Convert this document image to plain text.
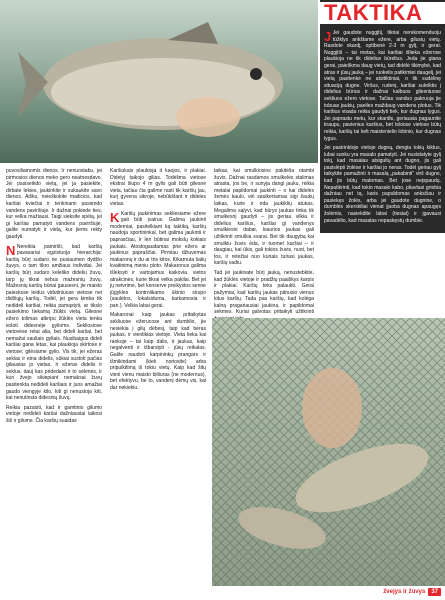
TAKTIKA

puvosiliamomis dienos. Ir nenuostabu, jei pirmosios dienos meko gero neatnesdavo. Jei pasiseikdo vietą, jei ja pasiekite, dirbate lėkies, jaukinkite ir sukaukite savo dienos. Aišku, neieškokite maiticios, kad karšiai kviečiai ir tenkinami pasiendo vandens paviršiuje. Ir dažnai pokiede ties, kur velka mažiausi. Taigi sieksite spėlą, jei gi karšiai pamatyti vandens paviršiuje, galite numatyti ir vietą, kur jiems rekty gaudyti.

N Nereikia pamiršti, kad karšią pavasariai egzistuoja hierarchija: karšių būrį sudaro ne pusiaumen dydžio žuvys, o tam tikro amžiaus individai. Jei karšių būrį sudaro keleliko dideliu žuvų, tarp jų tikrai nebus mažesnių žuvų. Mažesnių karšių būriai gausesni, jie maisto paieskose leidus vidutiniuose vietose nei didžiųjų karšių. Todėl, jei gera kimba tik nedideli karšiai, reikia pamąstyti, ar tikslo pasiekimo tiekamą žiūkis vietą. Gilesne ežero tolimas atkripu žūklės vieta tenka iešoti didesnėje gylioms. Sekliosiose vietovėse retai alia, bet dideli karšai, bet nemažai sauliais gyliais. Nusibaigus dideli karšiai gana lėtas, kai plaukioja skirtose ir vietose; gilėsiame gylio. Vis tik, jei ežeras seklas ir eina didelis, sūkiai sustoti pačias gilausias jo vietas. Ir ežeras didelis ir seklus, dauį kas pridedant ir to sėkmės, ir kun žvejo sikiepiant nemaksai žuvų pasitenkta nedideli karšiais ir juos amažiai gaudo viengyje kilo, kiti gi nenustoja kiti, kai nenutinsta didesnių žuvų.

Reikia pazaisti, kad ir gamtinio gilumo vietoje nedideli karšai dažniausiai laikosi šiš ir gilume. Čia karšių suaidas

Karšiukais plaukioja it kaojos, ir plakiai. Didelyj taikojo gilias. Todėlima vietose ekstrai šiupo 4 m gylis gali būti gilesnė vieta, tačiau čia galime rasti tik karšių jau, kurį gyvena sikroje, nebūkštant ir dideles vietas.

K Karšių jaukinimas sekliesiame ežere gali būti įvairus. Galima jaukinti moderniai, pasitelkiant ką taktiką, karšių naudoja sportininkai, bet galima jaukinti ir paprasčiau, ir lėn būtinai mokslų kokiais jaukais. Atostogaudamas prie ežero ar jaukinus papraščiai. Pirmiau džiuvėmas makaronų ir du ar tris kitos. Kikarnuta šalių kvaitinimą meniu ploto. Makaronus galima išleksyti ir vartojamus kaikovia. vietos atrakcinės, kurie tikrai velka pakilai. Bet jei jų netvrime, bet konserve preikystos senne jūgyklės kontrolikamo ūkinio sirupo (saulėtos, lokalsiduma, karkamosia ir pan.). Velkia labai gerai.

Makaronai kaip jaukas pritaikytas sekliuose ežerucose ant dumblio, jie nesiekia į gilų dėbesį, taip kad bėras jaukas, ir vientikias vietoje. Vieta lieka kai rankoje – tai kaip dalis, ir jaukas, kaip negalventi ir išbarstyti - jūsų reikalas. Galite naudoti karpininkų prangars ir išmikindami (kiek noriosite) arba pripulkitimą iš tokiu vietų. Kaip kad šitų vieni vienu maisto biiliuras (ne modernus), bet efektyvu, be to, vandenį dėmų vis, kai dar nekiekiu.

taikas, kai smulkiosios pakitėlia otambi žuvis. Dažnai rasdamos smulkelės stalimas atrasta, jos be, ir sunyja dangi jauku, reikia metalai papildomai jaukinti – o kai didelės žemės kaulo, vėl saulkertamas sigi žaukų laikas, kurie ir ėda jaukiklių atukas. Megalima sąlyvi, kad būrys jaukas tinka tik smulkesnį gaudyti – jis geriau vilkia ir didelius karšius, karšiai gi vandenys smulkiesni dabar, kiaurios jaukas gali užtikrinti smulkia svarai. Bet tik daugybą kai smulkiu žuvis ėda, ir tuomet karšiai – ir daugiau, kai ūkis, gali tokios žuvis, nuot, bet tos, ir retežiai nuo kuriais turiasi jaukas, karšių vadiu.

Tad jei jaukinate būrį jauką, nenustebkite, kad žūklės vietoje ir pradžių paaiškys karpis ir plakiai. Karšių teks palaukti. Gerai pažymiai, kad karšių jaukas pitnusio vienus kitus karšių. Tada pas karšių, kad kolėga kalną pragariausiai jaukina, ir papildomai sėkmes. Kuriai galvotas pritaikyti užtikrinti

J Jei gaudote nuggįtiį, tikriai nerekomenduoju tūžklys ankštame ežere, arba gilusių vietų. Rasdote skardį, optibonė 2-3 m gylį, ir gerai. Nuggįtiš – tai metas, kai karšiai išlieka ežerose plaukioja ne tik didelius būrelius. Jeda jie giana gerai, paieškma daug vietų, tad didėlė tikimybė, kad atras ir jūsų jauką – jei ruokelis patikimiei daugelį, jei vietą pasitenkė ne atsitiktiniai, o tik sudėlinę situaciją dugne. Viršus, rudenį, karšiai sutelktis į didelius būrius ir dažnai kalbuos gilesniuose sekliuos ežero vietose. Tačiau vanduo pakruoja jie tobuas jaukių, paeiles maždaug vandens plotus. Tik karšius visada reikia gaudyti tiek, kur dugnas lygus. Jei paprastu metu, kur skardis, geriausia pagaunite kraupu, pavienius karšius, bet tokiose vietose būtų reikia, karšių tai kelt maistenielio lobinio, kur dugnas lygus.

Jei pasirinktoje vietoje dugną, dengia tokių kiktus, lubai sunku yra masalo pamatyti. Jei nusistatyte gylį tokį, kad masalas atsigultų ant dugno, jis gali pasislėpti žolėse ir karšiai jo neras. Todėl geriau gylį taikykite pamažinti ir masalą „pakabinti“ virš dugno, kad jis būtų matomas. Bet jose neįspaudų. Nepatikrinti, kad tokio masalo kabo, pliavtasi griebia dažniau net tą, karis papuldomas anksčiau ir pasiekęs žolės, arba jei gaudote dugnine, o dumblės skerskiliai vienat įjuoba dugnas apaugęs žolėmis, nasiekdite labai (tiesiai) ir įgavausi pavadėlio, kad masalas nepaskęstų dumbie.

žvejys ir žuvys	37
